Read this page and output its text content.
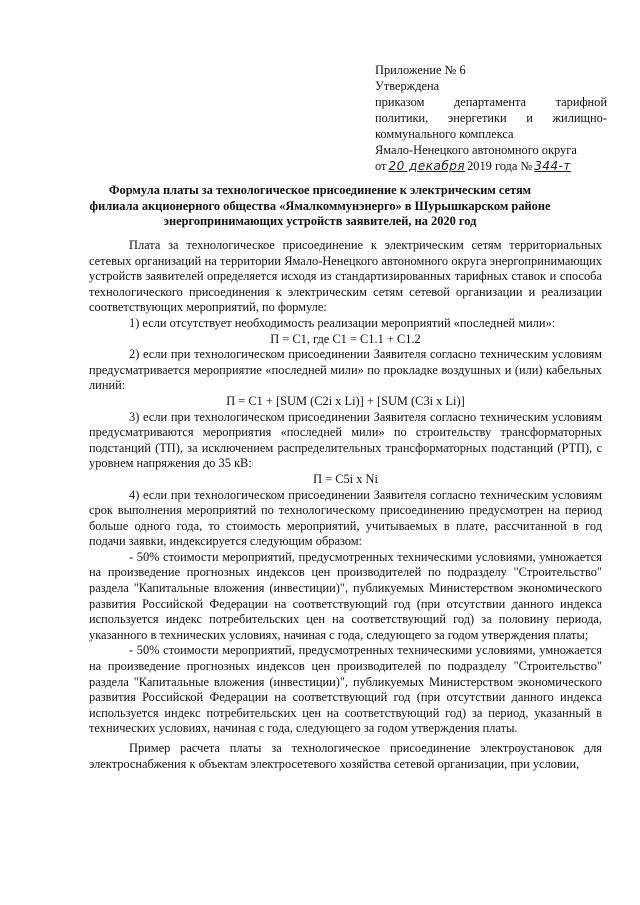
Приложение № 6
Утверждена
приказом департамента тарифной
политики, энергетики и жилищно-
коммунального комплекса
Ямало-Ненецкого автономного округа
от 20 декабря 2019 года № 344-т
Формула платы за технологическое присоединение к электрическим сетям
филиала акционерного общества «Ямалкоммунэнерго» в Шурышкарском районе
энергопринимающих устройств заявителей, на 2020 год

Плата за технологическое присоединение к электрическим сетям территориальных сетевых организаций на территории Ямало-Ненецкого автономного округа энергопринимающих устройств заявителей определяется исходя из стандартизированных тарифных ставок и способа технологического присоединения к электрическим сетям сетевой организации и реализации соответствующих мероприятий, по формуле:

1) если отсутствует необходимость реализации мероприятий «последней мили»:

П = C1, где C1 = C1.1 + C1.2

2) если при технологическом присоединении Заявителя согласно техническим условиям предусматривается мероприятие «последней мили» по прокладке воздушных и (или) кабельных линий:

П = C1 + [SUM (C2i x Li)] + [SUM (C3i x Li)]

3) если при технологическом присоединении Заявителя согласно техническим условиям предусматриваются мероприятия «последней мили» по строительству трансформаторных подстанций (ТП), за исключением распределительных трансформаторных подстанций (РТП), с уровнем напряжения до 35 кВ:

П = C5i x Ni

4) если при технологическом присоединении Заявителя согласно техническим условиям срок выполнения мероприятий по технологическому присоединению предусмотрен на период больше одного года, то стоимость мероприятий, учитываемых в плате, рассчитанной в год подачи заявки, индексируется следующим образом:

- 50% стоимости мероприятий, предусмотренных техническими условиями, умножается на произведение прогнозных индексов цен производителей по подразделу "Строительство" раздела "Капитальные вложения (инвестиции)", публикуемых Министерством экономического развития Российской Федерации на соответствующий год (при отсутствии данного индекса используется индекс потребительских цен на соответствующий год) за половину периода, указанного в технических условиях, начиная с года, следующего за годом утверждения платы;

- 50% стоимости мероприятий, предусмотренных техническими условиями, умножается на произведение прогнозных индексов цен производителей по подразделу "Строительство" раздела "Капитальные вложения (инвестиции)", публикуемых Министерством экономического развития Российской Федерации на соответствующий год (при отсутствии данного индекса используется индекс потребительских цен на соответствующий год) за период, указанный в технических условиях, начиная с года, следующего за годом утверждения платы.

Пример расчета платы за технологическое присоединение электроустановок для электроснабжения к объектам электросетевого хозяйства сетевой организации, при условии,
